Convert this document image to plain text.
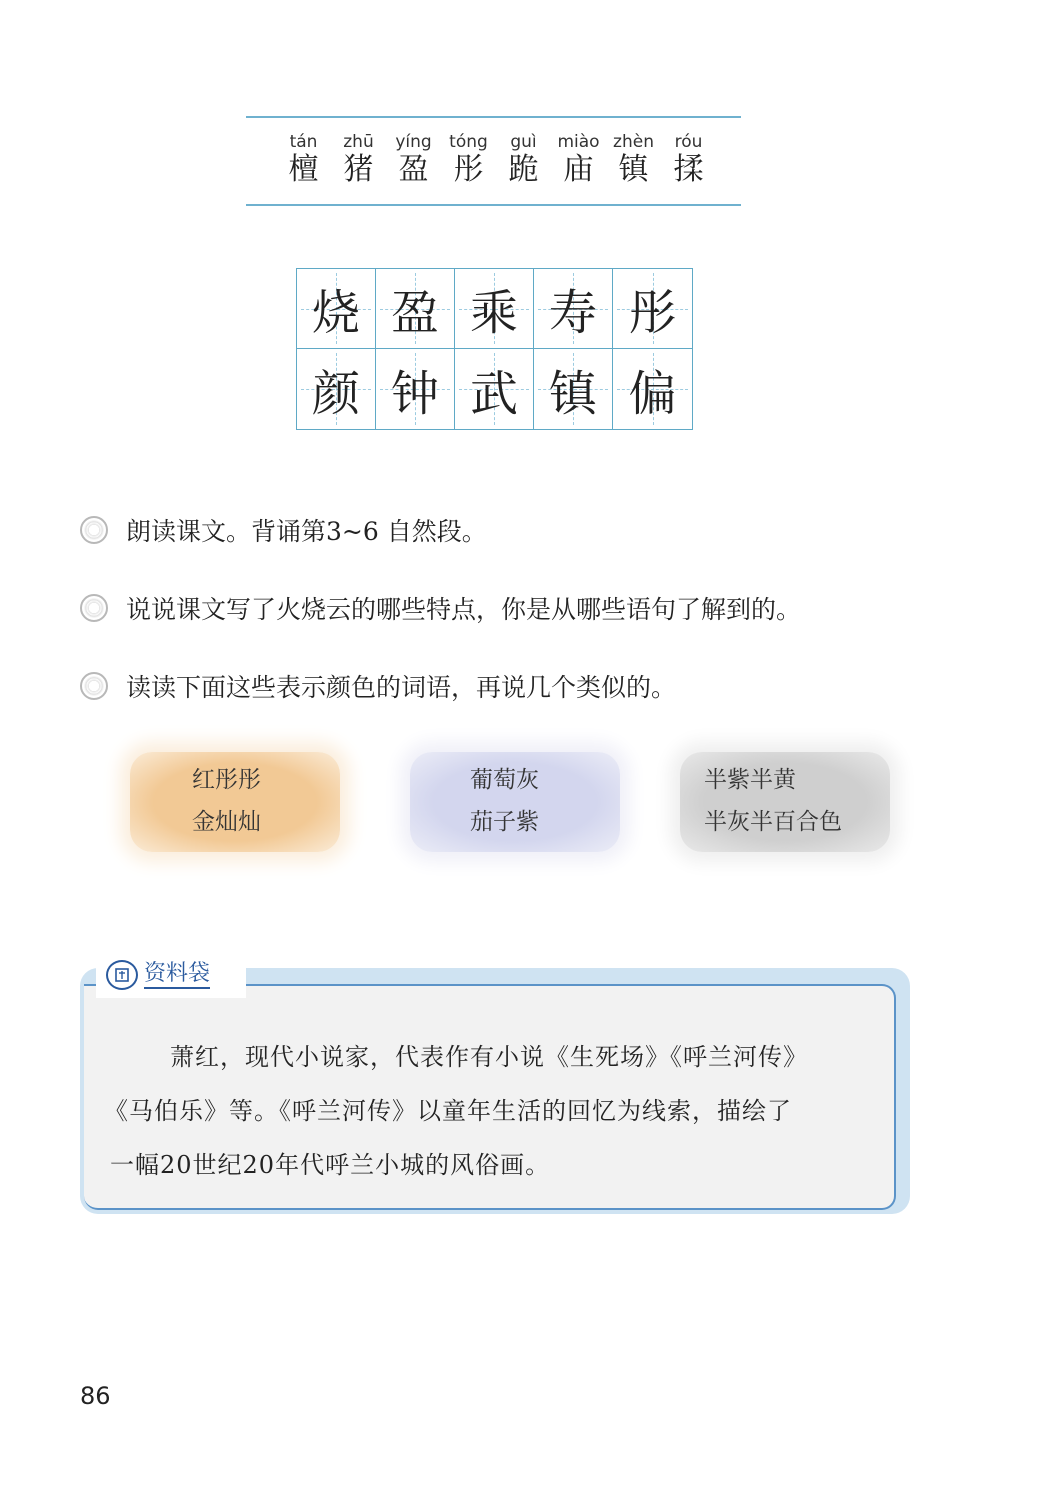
tán
檀
zhū
猪
yíng
盈
tóng
彤
guì
跪
miào
庙
zhèn
镇
róu
揉
烧 盈 乘 寿 彤
颜 钟 武 镇 偏
朗读课文。背诵第3~6 自然段。
说说课文写了火烧云的哪些特点，你是从哪些语句了解到的。
读读下面这些表示颜色的词语，再说几个类似的。
红彤彤
金灿灿
葡萄灰
茄子紫
半紫半黄
半灰半百合色
资料袋
萧红，现代小说家，代表作有小说《生死场》《呼兰河传》
《马伯乐》等。《呼兰河传》以童年生活的回忆为线索，描绘了
一幅20世纪20年代呼兰小城的风俗画。
86
